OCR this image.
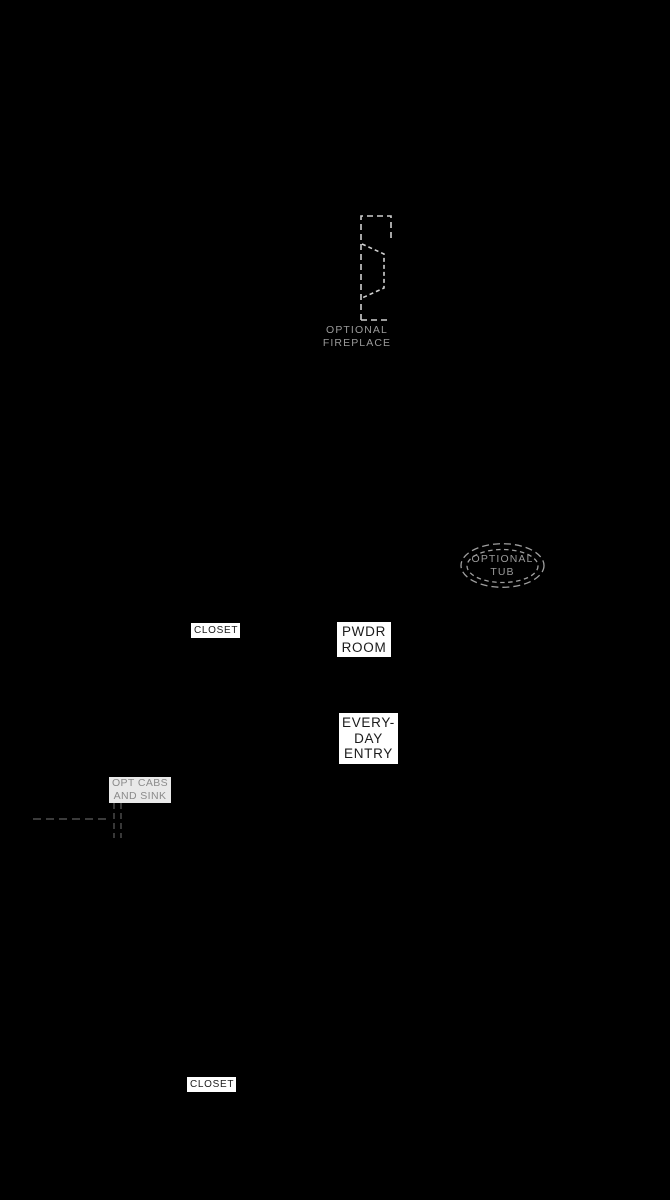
OPTIONAL
FIREPLACE
OPTIONAL
TUB
CLOSET	PWDR
ROOM
EVERY-
DAY
ENTRY
OPT CABS
AND SINK
CLOSET
